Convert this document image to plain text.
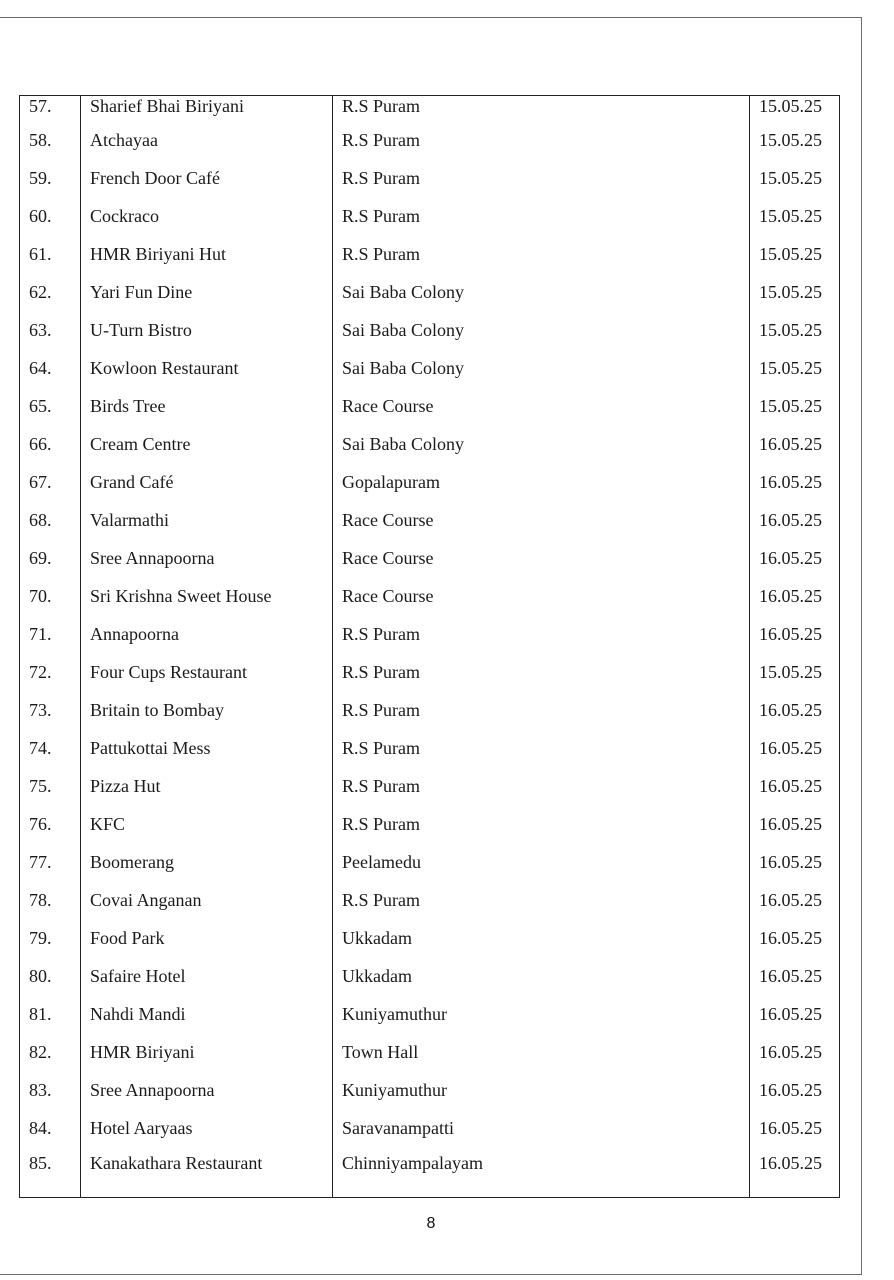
57.	Sharief Bhai Biriyani	R.S Puram	15.05.25
58.	Atchayaa	R.S Puram	15.05.25
59.	French Door Café	R.S Puram	15.05.25
60.	Cockraco	R.S Puram	15.05.25
61.	HMR Biriyani Hut	R.S Puram	15.05.25
62.	Yari Fun Dine	Sai Baba Colony	15.05.25
63.	U-Turn Bistro	Sai Baba Colony	15.05.25
64.	Kowloon Restaurant	Sai Baba Colony	15.05.25
65.	Birds Tree	Race Course	15.05.25
66.	Cream Centre	Sai Baba Colony	16.05.25
67.	Grand Café	Gopalapuram	16.05.25
68.	Valarmathi	Race Course	16.05.25
69.	Sree Annapoorna	Race Course	16.05.25
70.	Sri Krishna Sweet House	Race Course	16.05.25
71.	Annapoorna	R.S Puram	16.05.25
72.	Four Cups Restaurant	R.S Puram	15.05.25
73.	Britain to Bombay	R.S Puram	16.05.25
74.	Pattukottai Mess	R.S Puram	16.05.25
75.	Pizza Hut	R.S Puram	16.05.25
76.	KFC	R.S Puram	16.05.25
77.	Boomerang	Peelamedu	16.05.25
78.	Covai Anganan	R.S Puram	16.05.25
79.	Food Park	Ukkadam	16.05.25
80.	Safaire Hotel	Ukkadam	16.05.25
81.	Nahdi Mandi	Kuniyamuthur	16.05.25
82.	HMR Biriyani	Town Hall	16.05.25
83.	Sree Annapoorna	Kuniyamuthur	16.05.25
84.	Hotel Aaryaas	Saravanampatti	16.05.25
85.	Kanakathara Restaurant	Chinniyampalayam	16.05.25
8
